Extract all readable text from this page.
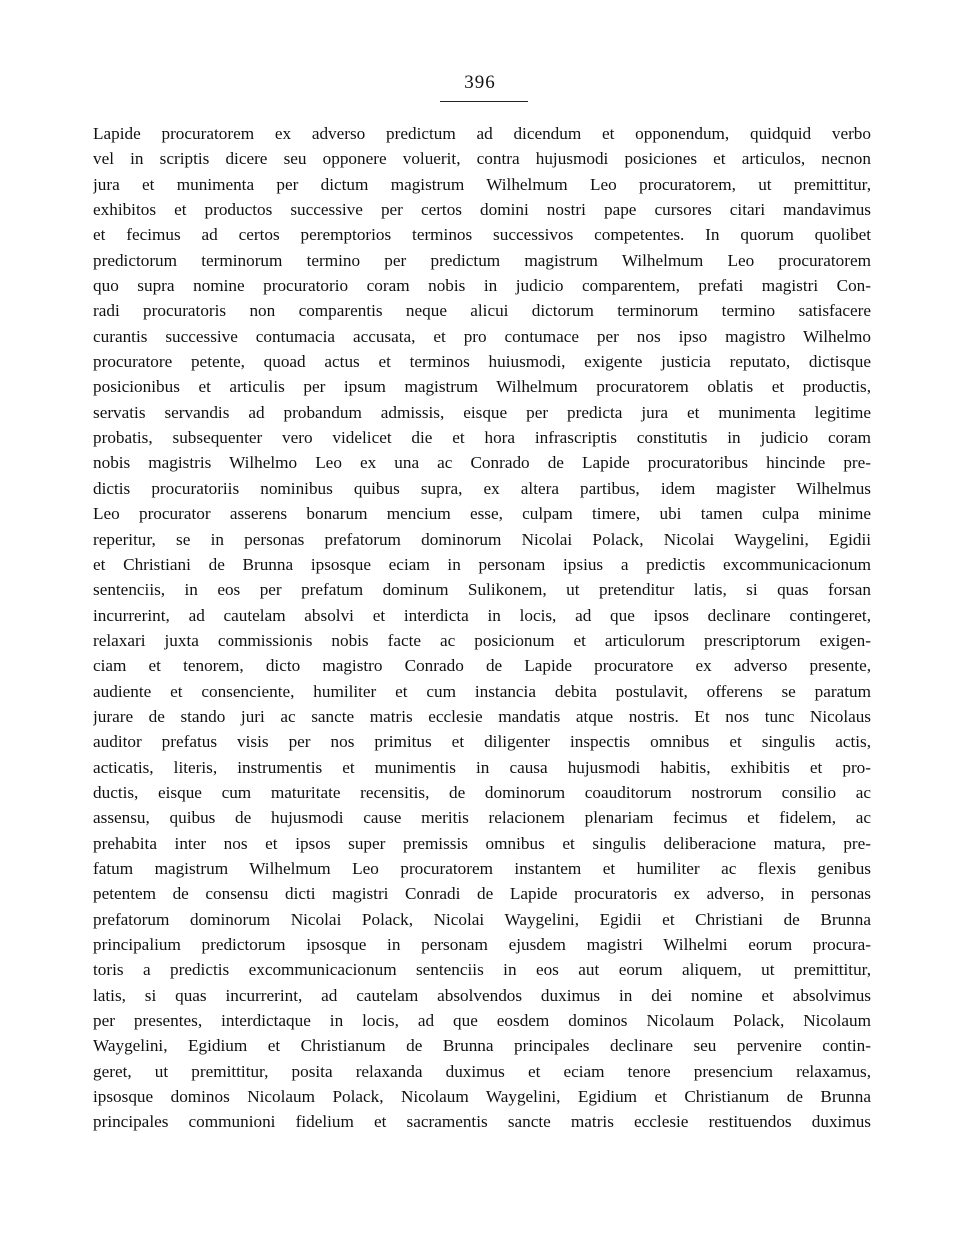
396
Lapide procuratorem ex adverso predictum ad dicendum et opponendum, quidquid verbo
vel in scriptis dicere seu opponere voluerit, contra hujusmodi posiciones et articulos, necnon
jura et munimenta per dictum magistrum Wilhelmum Leo procuratorem, ut premittitur,
exhibitos et productos successive per certos domini nostri pape cursores citari mandavimus
et fecimus ad certos peremptorios terminos successivos competentes. In quorum quolibet
predictorum terminorum termino per predictum magistrum Wilhelmum Leo procuratorem
quo supra nomine procuratorio coram nobis in judicio comparentem, prefati magistri Con-
radi procuratoris non comparentis neque alicui dictorum terminorum termino satisfacere
curantis successive contumacia accusata, et pro contumace per nos ipso magistro Wilhelmo
procuratore petente, quoad actus et terminos huiusmodi, exigente justicia reputato, dictisque
posicionibus et articulis per ipsum magistrum Wilhelmum procuratorem oblatis et productis,
servatis servandis ad probandum admissis, eisque per predicta jura et munimenta legitime
probatis, subsequenter vero videlicet die et hora infrascriptis constitutis in judicio coram
nobis magistris Wilhelmo Leo ex una ac Conrado de Lapide procuratoribus hincinde pre-
dictis procuratoriis nominibus quibus supra, ex altera partibus, idem magister Wilhelmus
Leo procurator asserens bonarum mencium esse, culpam timere, ubi tamen culpa minime
reperitur, se in personas prefatorum dominorum Nicolai Polack, Nicolai Waygelini, Egidii
et Christiani de Brunna ipsosque eciam in personam ipsius a predictis excommunicacionum
sentenciis, in eos per prefatum dominum Sulikonem, ut pretenditur latis, si quas forsan
incurrerint, ad cautelam absolvi et interdicta in locis, ad que ipsos declinare contingeret,
relaxari juxta commissionis nobis facte ac posicionum et articulorum prescriptorum exigen-
ciam et tenorem, dicto magistro Conrado de Lapide procuratore ex adverso presente,
audiente et consenciente, humiliter et cum instancia debita postulavit, offerens se paratum
jurare de stando juri ac sancte matris ecclesie mandatis atque nostris. Et nos tunc Nicolaus
auditor prefatus visis per nos primitus et diligenter inspectis omnibus et singulis actis,
acticatis, literis, instrumentis et munimentis in causa hujusmodi habitis, exhibitis et pro-
ductis, eisque cum maturitate recensitis, de dominorum coauditorum nostrorum consilio ac
assensu, quibus de hujusmodi cause meritis relacionem plenariam fecimus et fidelem, ac
prehabita inter nos et ipsos super premissis omnibus et singulis deliberacione matura, pre-
fatum magistrum Wilhelmum Leo procuratorem instantem et humiliter ac flexis genibus
petentem de consensu dicti magistri Conradi de Lapide procuratoris ex adverso, in personas
prefatorum dominorum Nicolai Polack, Nicolai Waygelini, Egidii et Christiani de Brunna
principalium predictorum ipsosque in personam ejusdem magistri Wilhelmi eorum procura-
toris a predictis excommunicacionum sentenciis in eos aut eorum aliquem, ut premittitur,
latis, si quas incurrerint, ad cautelam absolvendos duximus in dei nomine et absolvimus
per presentes, interdictaque in locis, ad que eosdem dominos Nicolaum Polack, Nicolaum
Waygelini, Egidium et Christianum de Brunna principales declinare seu pervenire contin-
geret, ut premittitur, posita relaxanda duximus et eciam tenore presencium relaxamus,
ipsosque dominos Nicolaum Polack, Nicolaum Waygelini, Egidium et Christianum de Brunna
principales communioni fidelium et sacramentis sancte matris ecclesie restituendos duximus
